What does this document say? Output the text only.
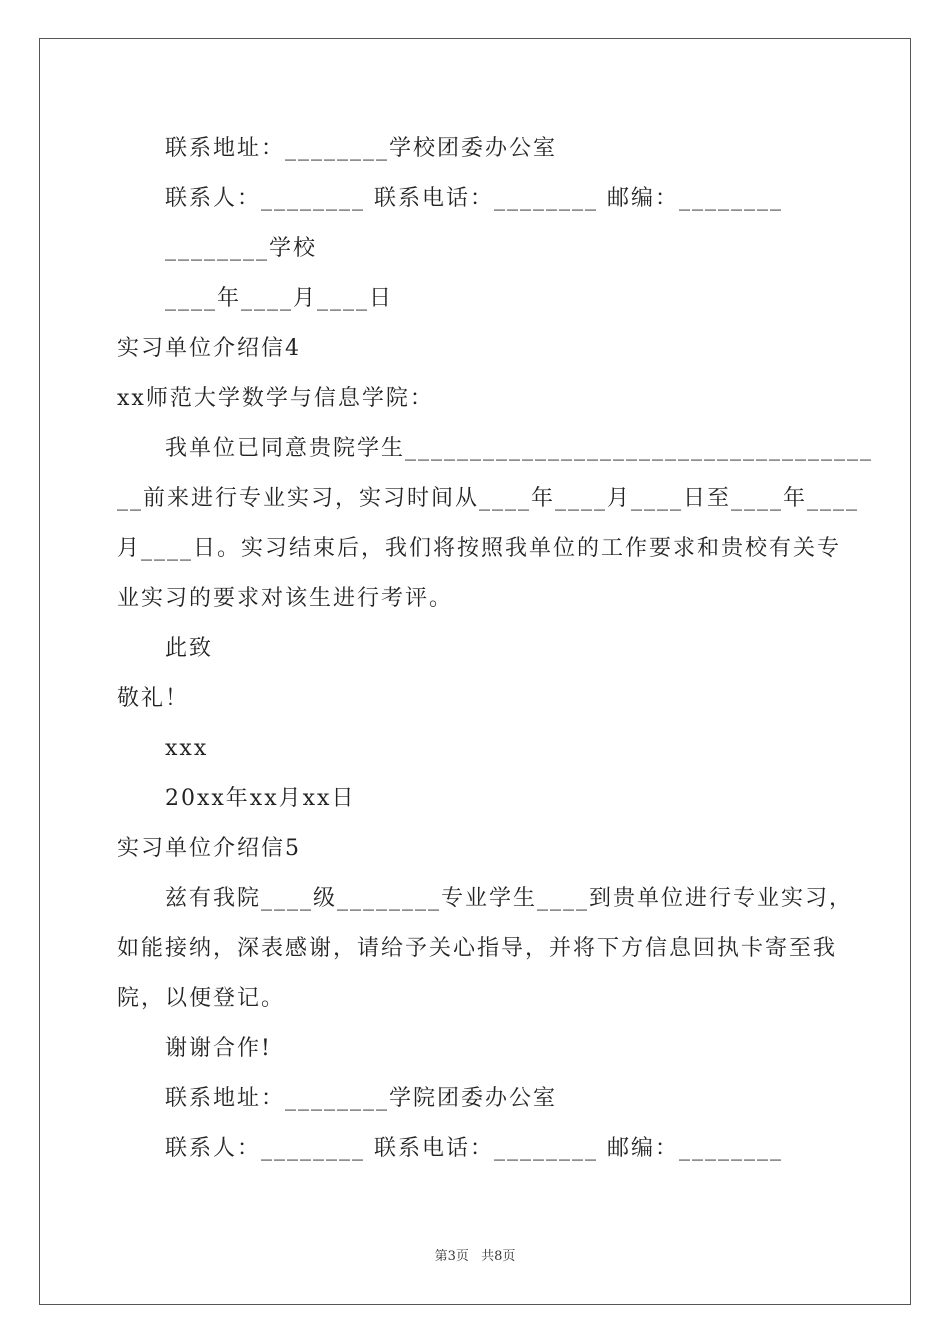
联系地址：________学校团委办公室
联系人：________ 联系电话：________ 邮编：________
________学校
____年____月____日
实习单位介绍信4
xx师范大学数学与信息学院：
我单位已同意贵院学生____________________________________
__前来进行专业实习，实习时间从____年____月____日至____年____
月____日。实习结束后，我们将按照我单位的工作要求和贵校有关专
业实习的要求对该生进行考评。
此致
敬礼！
xxx
20xx年xx月xx日
实习单位介绍信5
兹有我院____级________专业学生____到贵单位进行专业实习，
如能接纳，深表感谢，请给予关心指导，并将下方信息回执卡寄至我
院，以便登记。
谢谢合作!
联系地址：________学院团委办公室
联系人：________ 联系电话：________ 邮编：________
第3页 共8页
